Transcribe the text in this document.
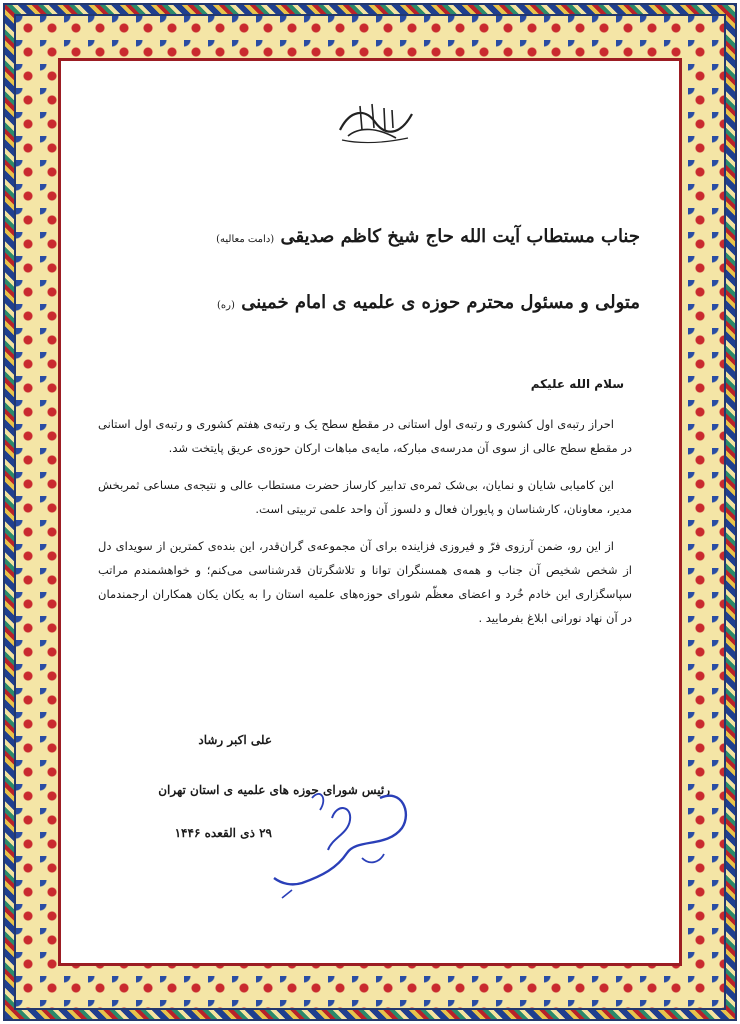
جناب مستطاب آیت الله حاج شیخ کاظم صدیقی (دامت معالیه)
متولی و مسئول محترم حوزه ی علمیه ی امام خمینی (ره)
سلام الله علیکم

احراز رتبه‌ی اول کشوری و رتبه‌ی اول استانی در مقطع سطح یک و رتبه‌ی هفتم کشوری و رتبه‌ی اول استانی در مقطع سطح عالی از سوی آن مدرسه‌ی مبارکه، مایه‌ی مباهات ارکان حوزه‌ی عریق پایتخت شد.

این کامیابی شایان و نمایان، بی‌شک ثمره‌ی تدابیر کارساز حضرت مستطاب عالی و نتیجه‌ی مساعی ثمربخش مدیر، معاونان، کارشناسان و پایوران فعال و دلسوز آن واحد علمی تربیتی است.

از این رو، ضمن آرزوی فرّ و فیروزی فزاینده برای آن مجموعه‌ی گران‌قدر، این بنده‌ی کمترین از سویدای دل از شخص شخیص آن جناب و همه‌ی همسنگران توانا و تلاشگرتان قدرشناسی می‌کنم؛ و خواهشمندم مراتب سپاسگزاری این خادم خُرد و اعضای معظّم شورای حوزه‌های علمیه استان را به یکان یکان همکاران ارجمندمان در آن نهاد نورانی ابلاغ بفرمایید .

علی اکبر رشاد
رئیس شورای حوزه های علمیه ی استان تهران
۲۹ ذی القعده ۱۴۴۶
